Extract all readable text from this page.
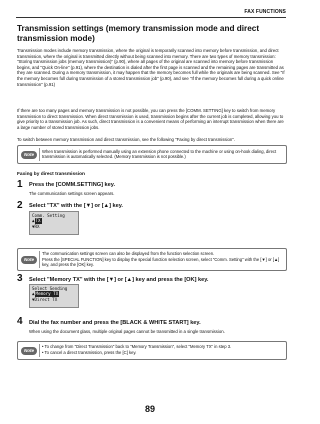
FAX FUNCTIONS
Transmission settings (memory transmission mode and direct transmission mode)
Transmission modes include memory transmission, where the original is temporarily scanned into memory before transmission, and direct transmission, where the original is transmitted directly without being scanned into memory. There are two types of memory transmission: "Storing transmission jobs (memory transmission)" (p.90), where all pages of the original are scanned into memory before transmission begins, and "Quick On-line" (p.91), where the destination is dialed after the first page is scanned and the remaining pages are transmitted as they are scanned. During a memory transmission, it may happen that the memory becomes full while the originals are being scanned. See "If the memory becomes full during transmission of a stored transmission job" (p.90), and see "If the memory becomes full during a quick online transmission" (p.91)
If there are too many pages and memory transmission is not possible, you can press the [COMM. SETTING] key to switch from memory transmission to direct transmission. When direct transmission is used, transmission begins after the current job is completed, allowing you to give priority to a transmission job. As such, direct transmission is a convenient means of performing an interrupt transmission when there are a large number of stored transmission jobs.
To switch between memory transmission and direct transmission, see the following "Faxing by direct transmission".
Note
When transmission is performed manually using an extension phone connected to the machine or using on-hook dialing, direct transmission is automatically selected. (Memory transmission is not possible.)
Faxing by direct transmission
1 Press the [COMM.SETTING] key.
The communication settings screen appears.
2 Select "TX" with the [▼] or [▲] key.
Comm. Setting
▲TX
▼RX
Note
The communication settings screen can also be displayed from the function selection screen.
Press the [SPECIAL FUNCTION] key to display the special function selection screen, select "Comm. Setting" with the [▼] or [▲] key, and press the [OK] key.
3 Select "Memory TX" with the [▼] or [▲] key and press the [OK] key.
Select Sending
▲Memory TX
▼Direct TX
4 Dial the fax number and press the [BLACK & WHITE START] key.
When using the document glass, multiple original pages cannot be transmitted in a single transmission.
Note
• To change from "Direct Transmission" back to "Memory Transmission", select "Memory TX" in step 3.
• To cancel a direct transmission, press the [C] key.
89
